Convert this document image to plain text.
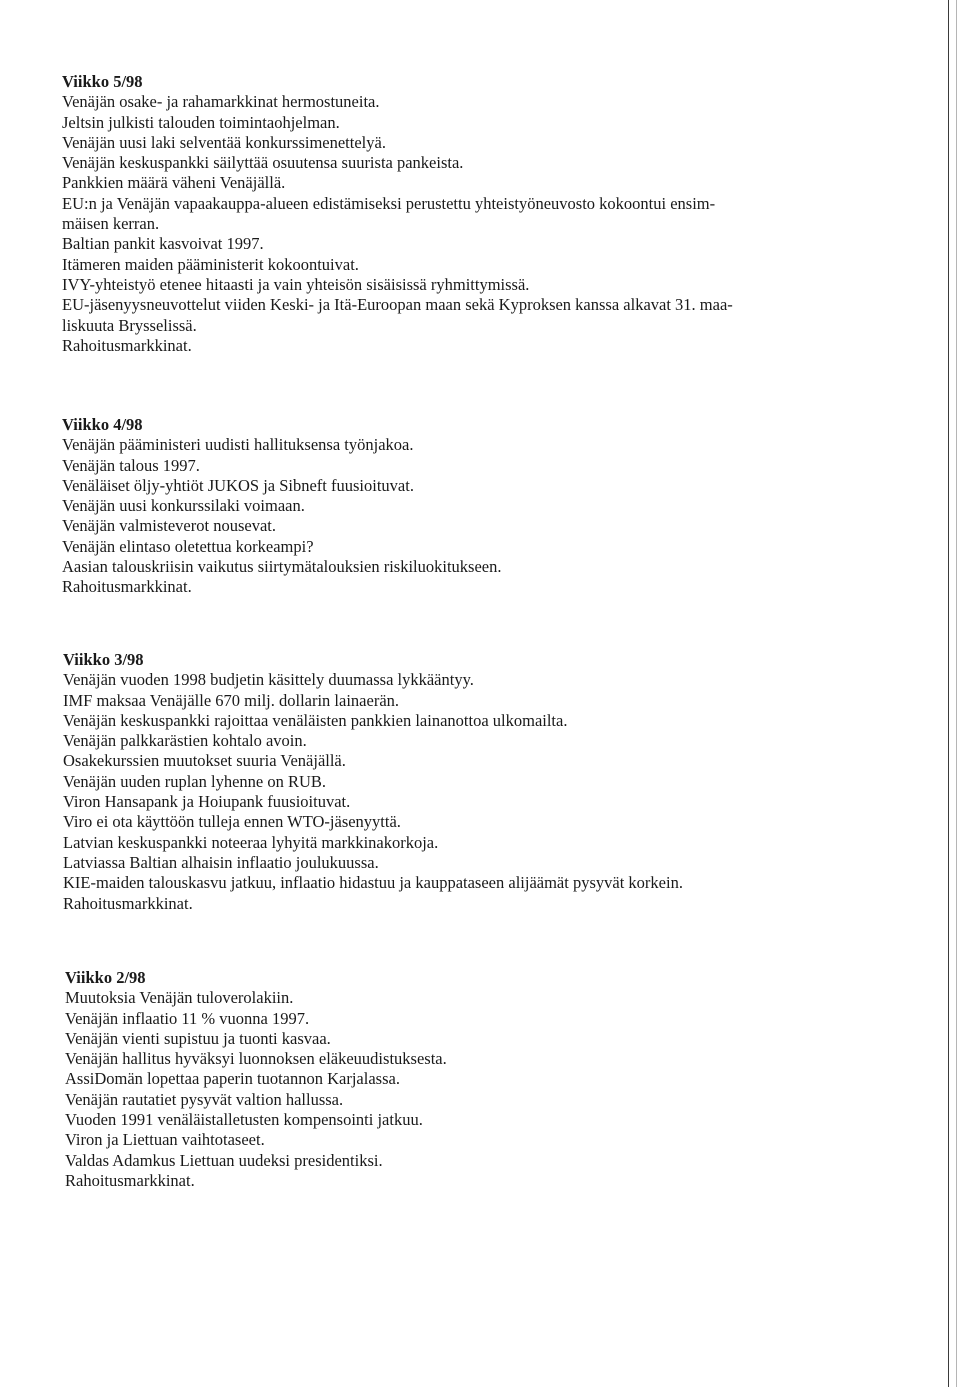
Viikko 5/98
Venäjän osake- ja rahamarkkinat hermostuneita.
Jeltsin julkisti talouden toimintaohjelman.
Venäjän uusi laki selventää konkurssimenettelyä.
Venäjän keskuspankki säilyttää osuutensa suurista pankeista.
Pankkien määrä väheni Venäjällä.
EU:n ja Venäjän vapaakauppa-alueen edistämiseksi perustettu yhteistyöneuvosto kokoontui ensim-
mäisen kerran.
Baltian pankit kasvoivat 1997.
Itämeren maiden pääministerit kokoontuivat.
IVY-yhteistyö etenee hitaasti ja vain yhteisön sisäisissä ryhmittymissä.
EU-jäsenyysneuvottelut viiden Keski- ja Itä-Euroopan maan sekä Kyproksen kanssa alkavat 31. maa-
liskuuta Brysselissä.
Rahoitusmarkkinat.
Viikko 4/98
Venäjän pääministeri uudisti hallituksensa työnjakoa.
Venäjän talous 1997.
Venäläiset öljy-yhtiöt JUKOS ja Sibneft fuusioituvat.
Venäjän uusi konkurssilaki voimaan.
Venäjän valmisteverot nousevat.
Venäjän elintaso oletettua korkeampi?
Aasian talouskriisin vaikutus siirtymätalouksien riskiluokitukseen.
Rahoitusmarkkinat.
Viikko 3/98
Venäjän vuoden 1998 budjetin käsittely duumassa lykkääntyy.
IMF maksaa Venäjälle 670 milj. dollarin lainaerän.
Venäjän keskuspankki rajoittaa venäläisten pankkien lainanottoa ulkomailta.
Venäjän palkkarästien kohtalo avoin.
Osakekurssien muutokset suuria Venäjällä.
Venäjän uuden ruplan lyhenne on RUB.
Viron Hansapank ja Hoiupank fuusioituvat.
Viro ei ota käyttöön tulleja ennen WTO-jäsenyyttä.
Latvian keskuspankki noteeraa lyhyitä markkinakorkoja.
Latviassa Baltian alhaisin inflaatio joulukuussa.
KIE-maiden talouskasvu jatkuu, inflaatio hidastuu ja kauppataseen alijäämät pysyvät korkein.
Rahoitusmarkkinat.
Viikko 2/98
Muutoksia Venäjän tuloverolakiin.
Venäjän inflaatio 11 % vuonna 1997.
Venäjän vienti supistuu ja tuonti kasvaa.
Venäjän hallitus hyväksyi luonnoksen eläkeuudistuksesta.
AssiDomän lopettaa paperin tuotannon Karjalassa.
Venäjän rautatiet pysyvät valtion hallussa.
Vuoden 1991 venäläistalletusten kompensointi jatkuu.
Viron ja Liettuan vaihtotaseet.
Valdas Adamkus Liettuan uudeksi presidentiksi.
Rahoitusmarkkinat.
